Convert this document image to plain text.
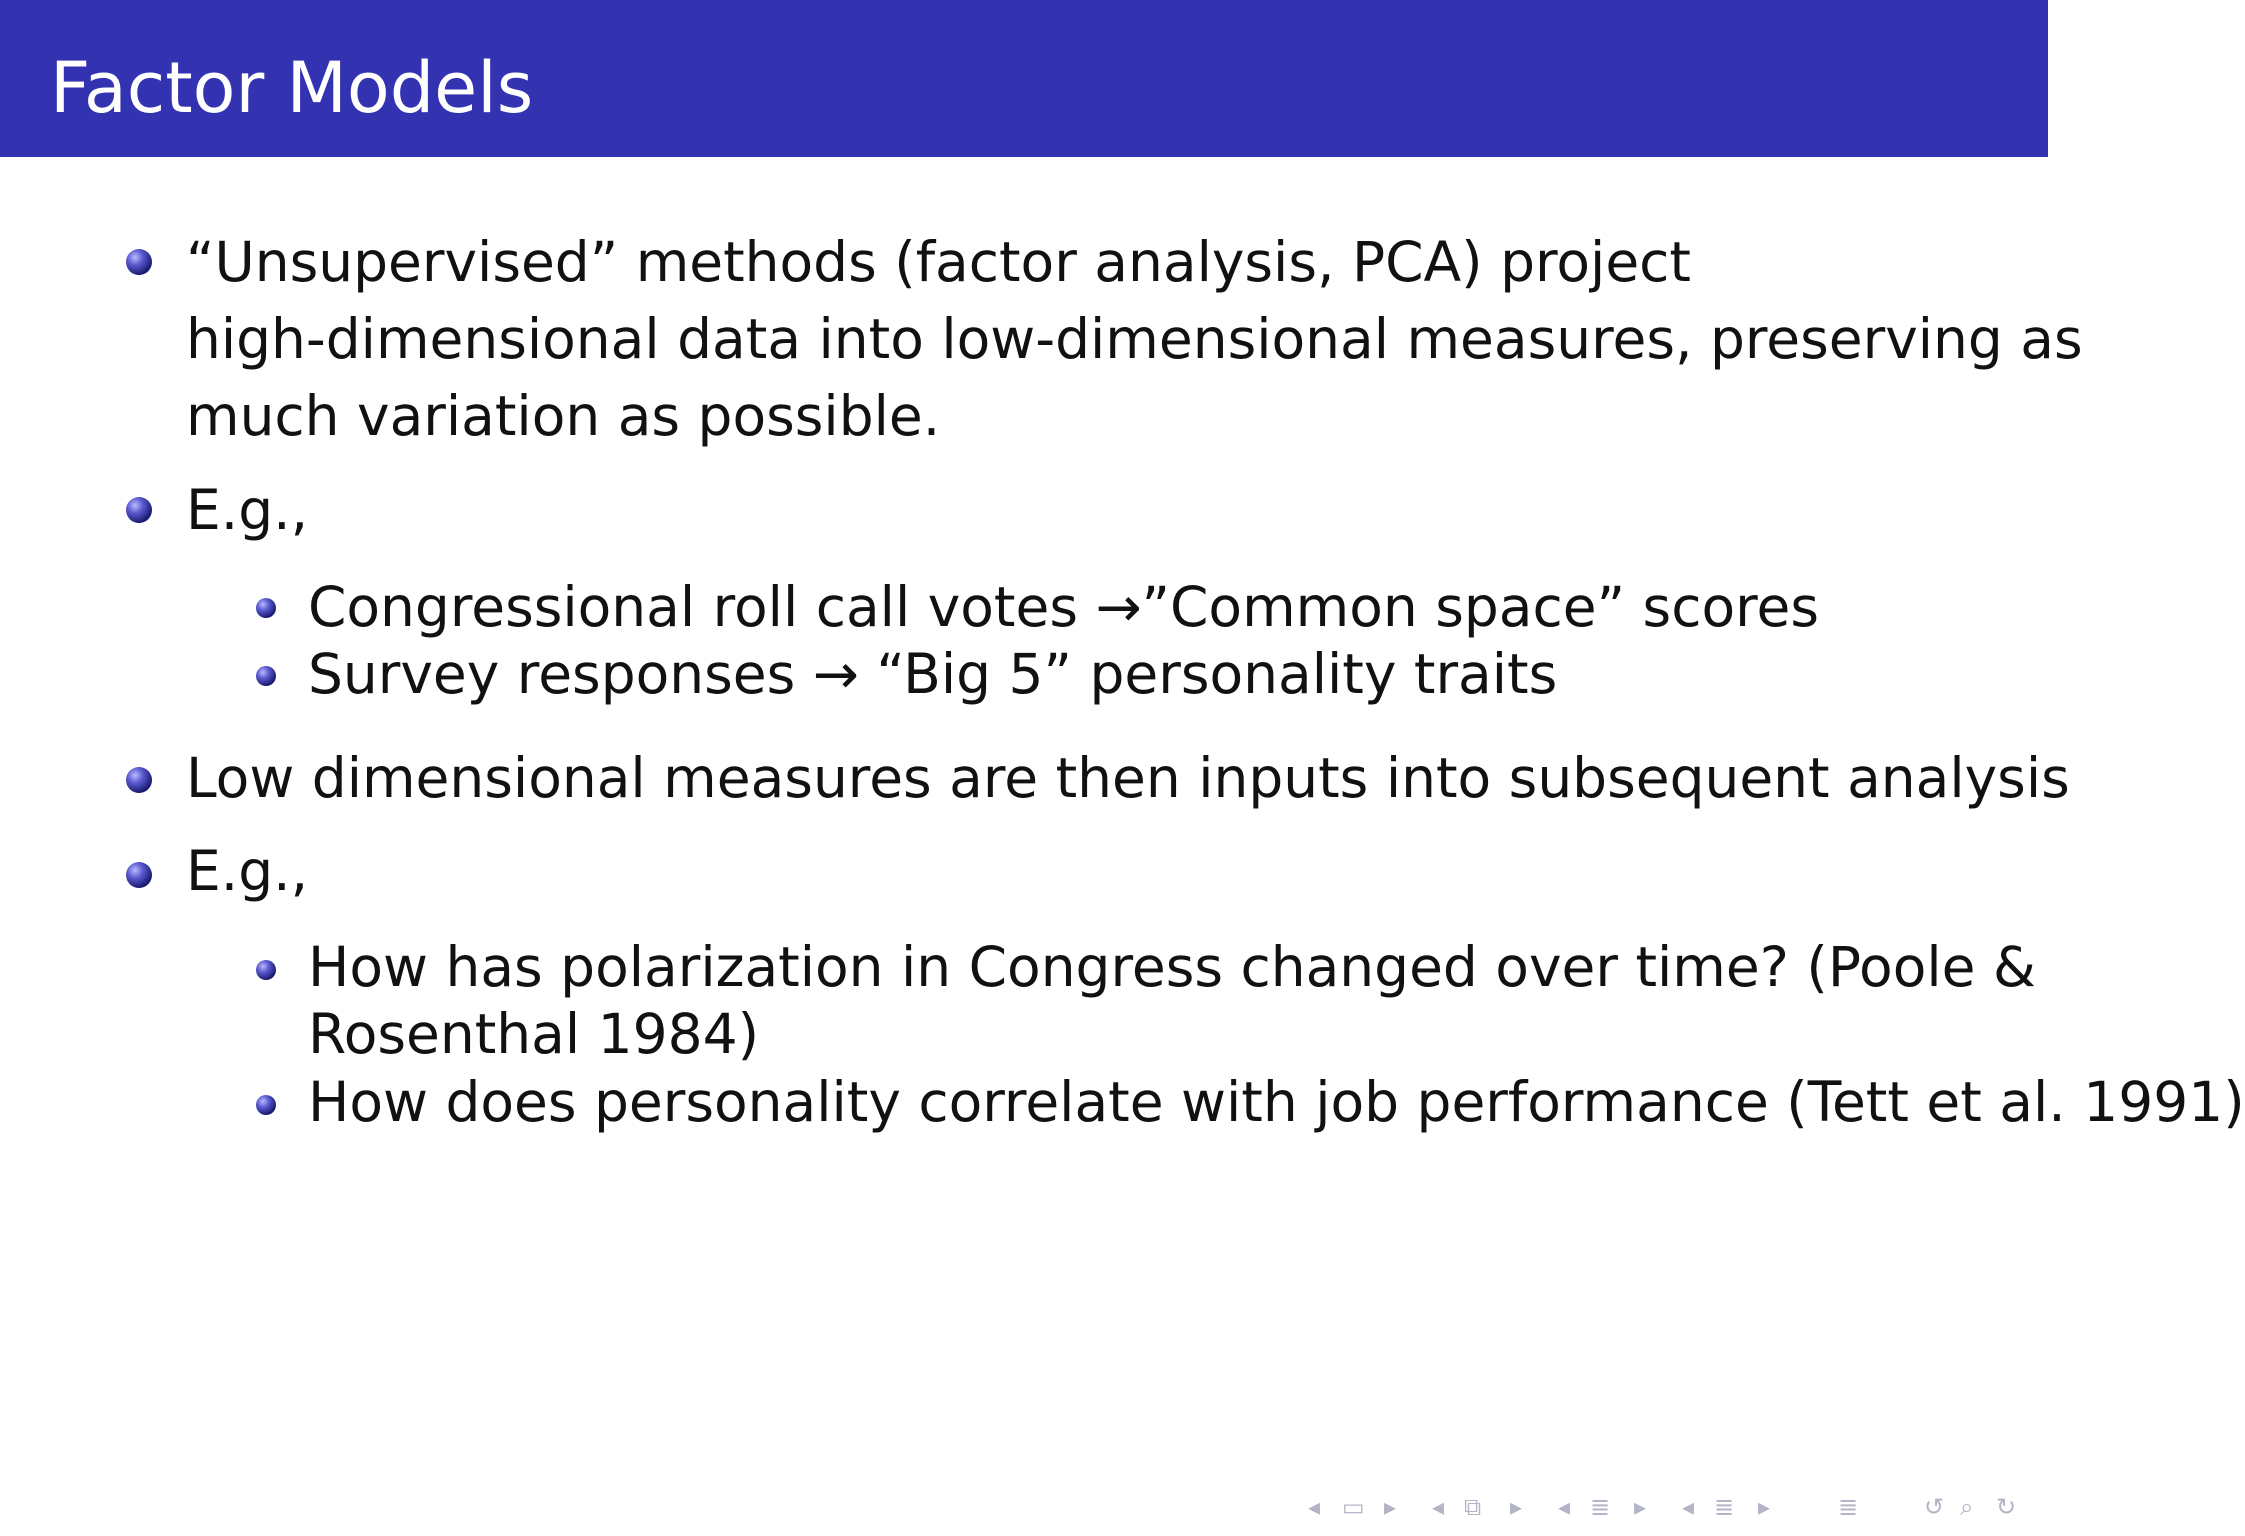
Factor Models
“Unsupervised” methods (factor analysis, PCA) project
high-dimensional data into low-dimensional measures, preserving as
much variation as possible.
E.g.,
Congressional roll call votes →”Common space” scores
Survey responses → “Big 5” personality traits
Low dimensional measures are then inputs into subsequent analysis
E.g.,
How has polarization in Congress changed over time? (Poole &
Rosenthal 1984)
How does personality correlate with job performance (Tett et al. 1991)
◂ ▭ ▸ ◂ ⧉ ▸ ◂ ≣ ▸ ◂ ≣ ▸	≣	↺ ⌕ ↻
